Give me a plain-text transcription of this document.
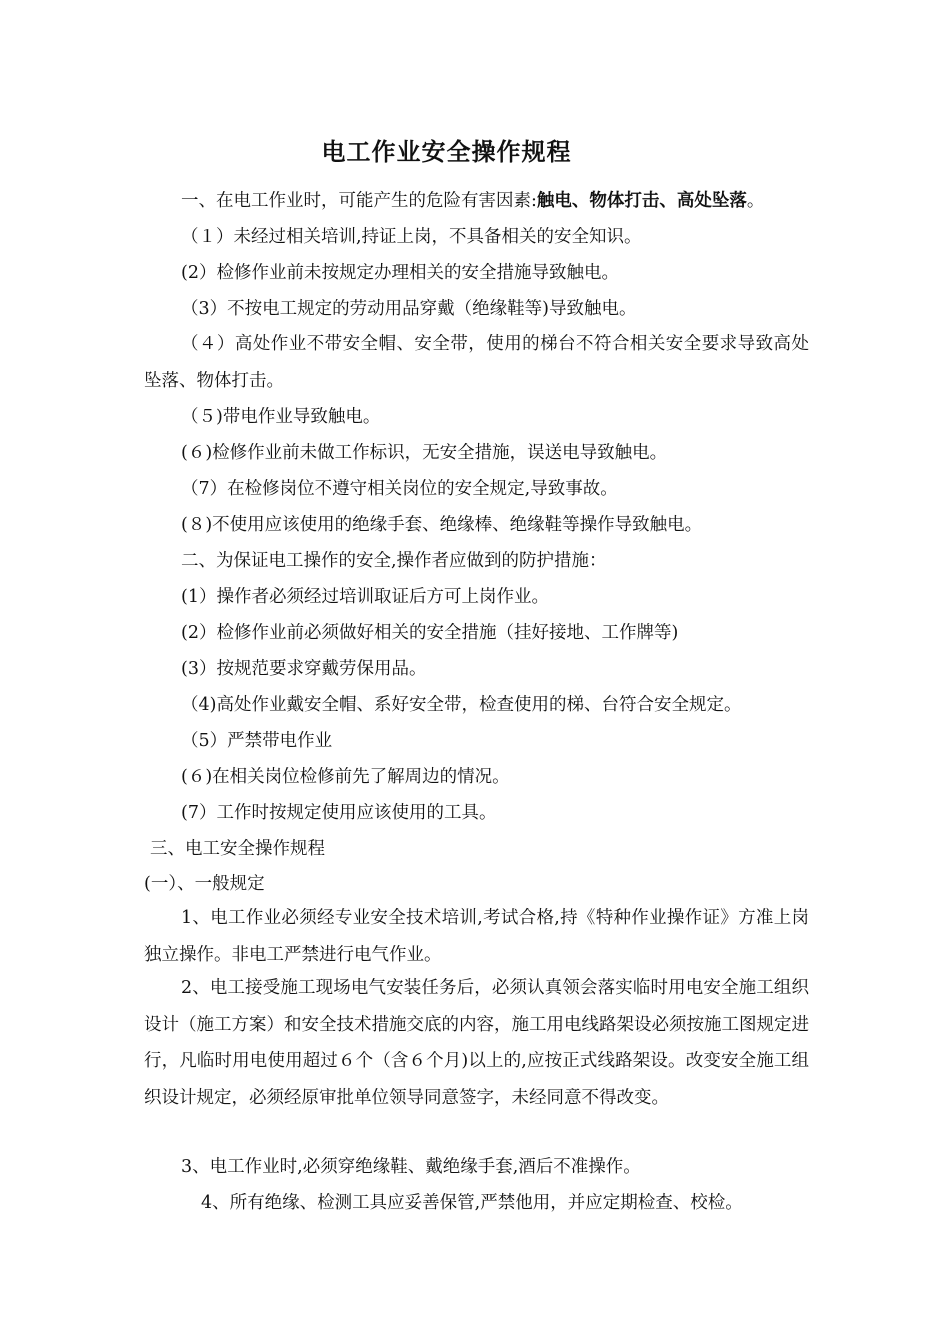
电工作业安全操作规程
一、在电工作业时，可能产生的危险有害因素:触电、物体打击、高处坠落。
（１）未经过相关培训,持证上岗，不具备相关的安全知识。
(2）检修作业前未按规定办理相关的安全措施导致触电。
（3）不按电工规定的劳动用品穿戴（绝缘鞋等)导致触电。
（４）高处作业不带安全帽、安全带，使用的梯台不符合相关安全要求导致高处坠落、物体打击。
（５)带电作业导致触电。
(６)检修作业前未做工作标识，无安全措施，误送电导致触电。
（7）在检修岗位不遵守相关岗位的安全规定,导致事故。
(８)不使用应该使用的绝缘手套、绝缘棒、绝缘鞋等操作导致触电。
二、为保证电工操作的安全,操作者应做到的防护措施：
(1）操作者必须经过培训取证后方可上岗作业。
(2）检修作业前必须做好相关的安全措施（挂好接地、工作牌等)
(3）按规范要求穿戴劳保用品。
（4)高处作业戴安全帽、系好安全带，检查使用的梯、台符合安全规定。
（5）严禁带电作业
(６)在相关岗位检修前先了解周边的情况。
(7）工作时按规定使用应该使用的工具。
三、电工安全操作规程
(一）、一般规定
1、电工作业必须经专业安全技术培训,考试合格,持《特种作业操作证》方准上岗独立操作。非电工严禁进行电气作业。
2、电工接受施工现场电气安装任务后，必须认真领会落实临时用电安全施工组织设计（施工方案）和安全技术措施交底的内容，施工用电线路架设必须按施工图规定进行，凡临时用电使用超过６个（含６个月)以上的,应按正式线路架设。改变安全施工组织设计规定，必须经原审批单位领导同意签字，未经同意不得改变。
3、电工作业时,必须穿绝缘鞋、戴绝缘手套,酒后不准操作。
4、所有绝缘、检测工具应妥善保管,严禁他用，并应定期检查、校检。
